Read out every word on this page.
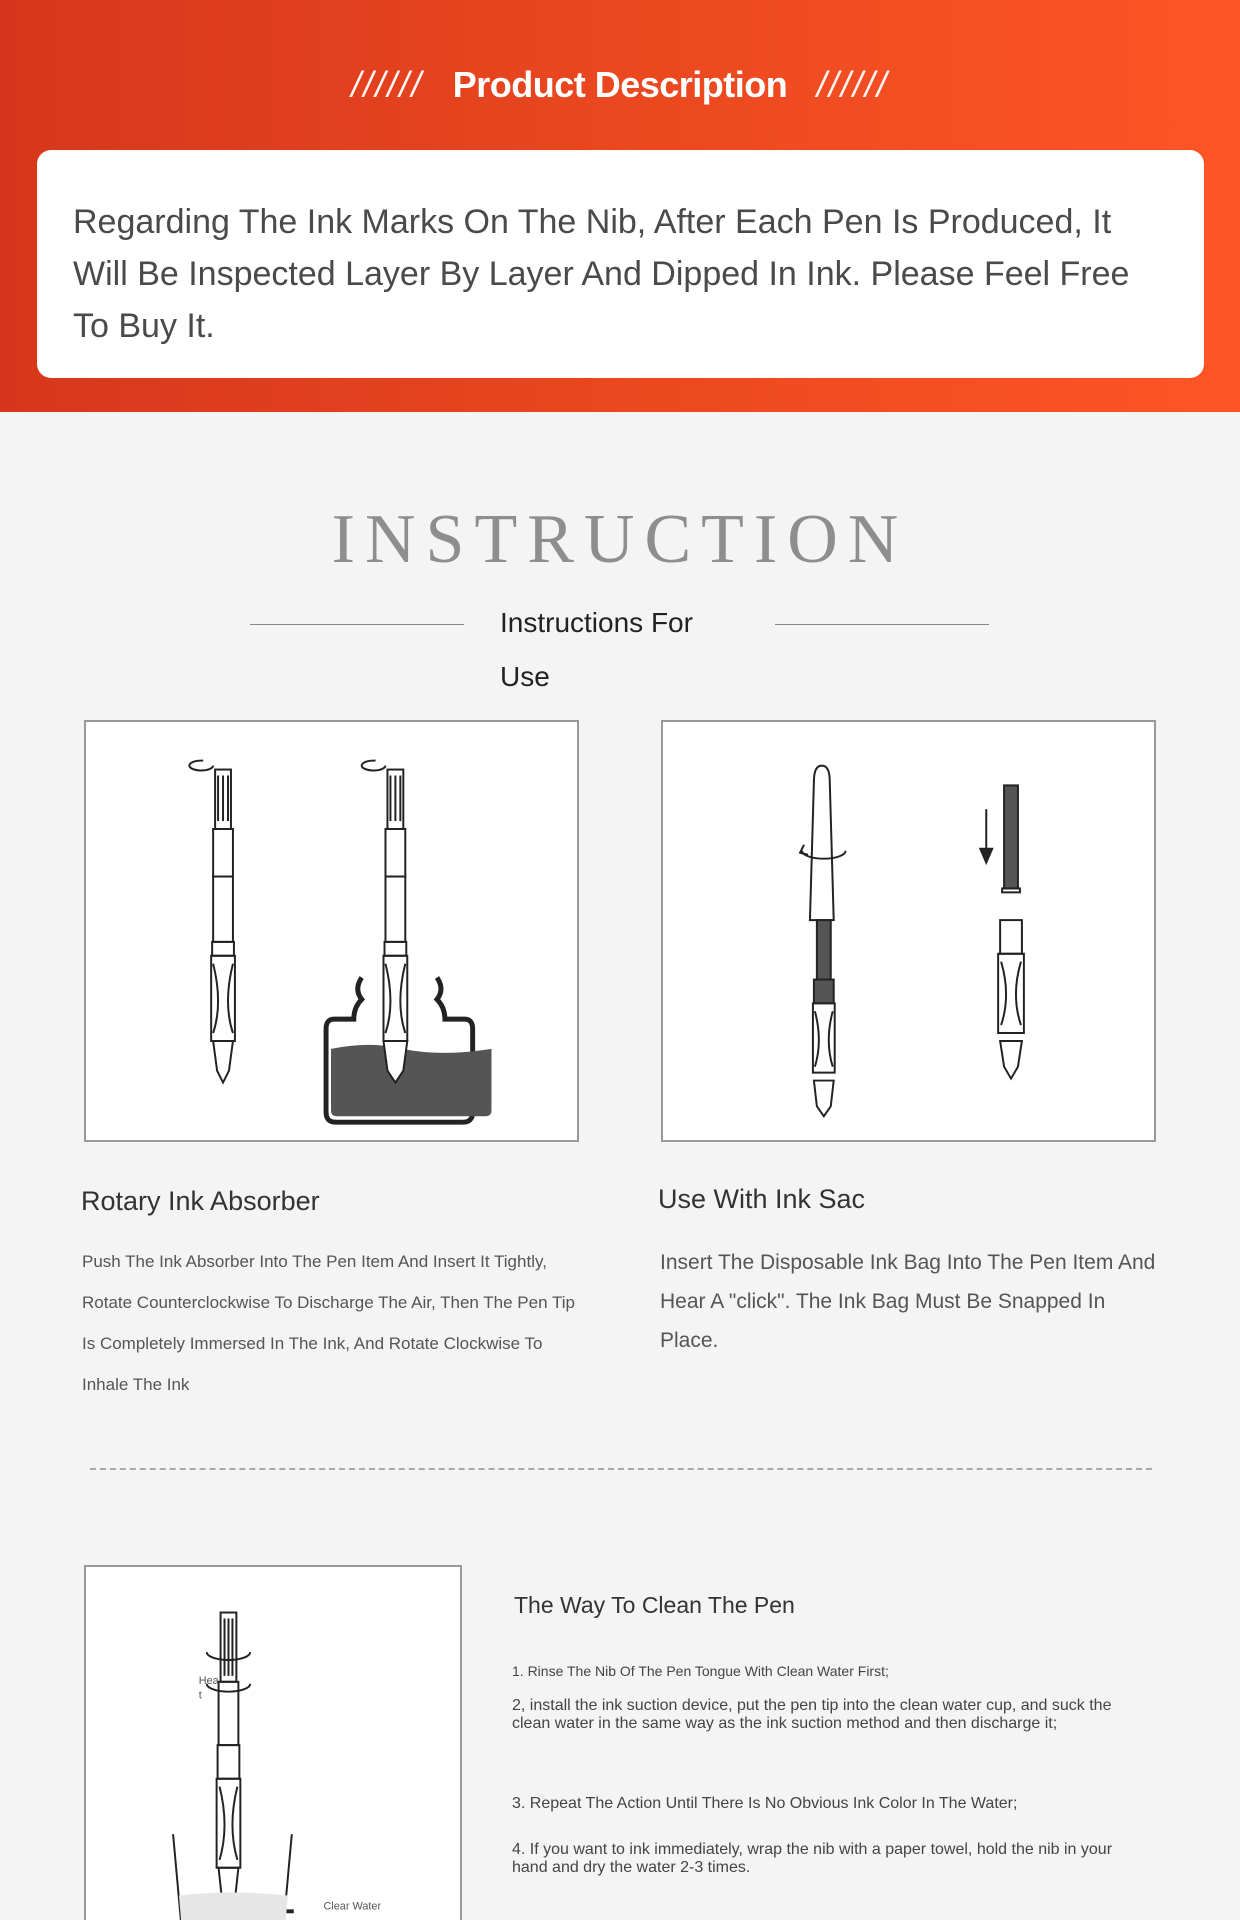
////// Product Description //////

Regarding The Ink Marks On The Nib, After Each Pen Is Produced, It Will Be Inspected Layer By Layer And Dipped In Ink. Please Feel Free To Buy It.

INSTRUCTION
Instructions For Use
Rotary Ink Absorber
Push The Ink Absorber Into The Pen Item And Insert It Tightly, Rotate Counterclockwise To Discharge The Air, Then The Pen Tip Is Completely Immersed In The Ink, And Rotate Clockwise To Inhale The Ink
Use With Ink Sac
Insert The Disposable Ink Bag Into The Pen Item And Hear A "click". The Ink Bag Must Be Snapped In Place.
Hea
t
Clear Water
The Way To Clean The Pen
1. Rinse The Nib Of The Pen Tongue With Clean Water First;
2, install the ink suction device, put the pen tip into the clean water cup, and suck the clean water in the same way as the ink suction method and then discharge it;
3. Repeat The Action Until There Is No Obvious Ink Color In The Water;
4. If you want to ink immediately, wrap the nib with a paper towel, hold the nib in your hand and dry the water 2-3 times.
